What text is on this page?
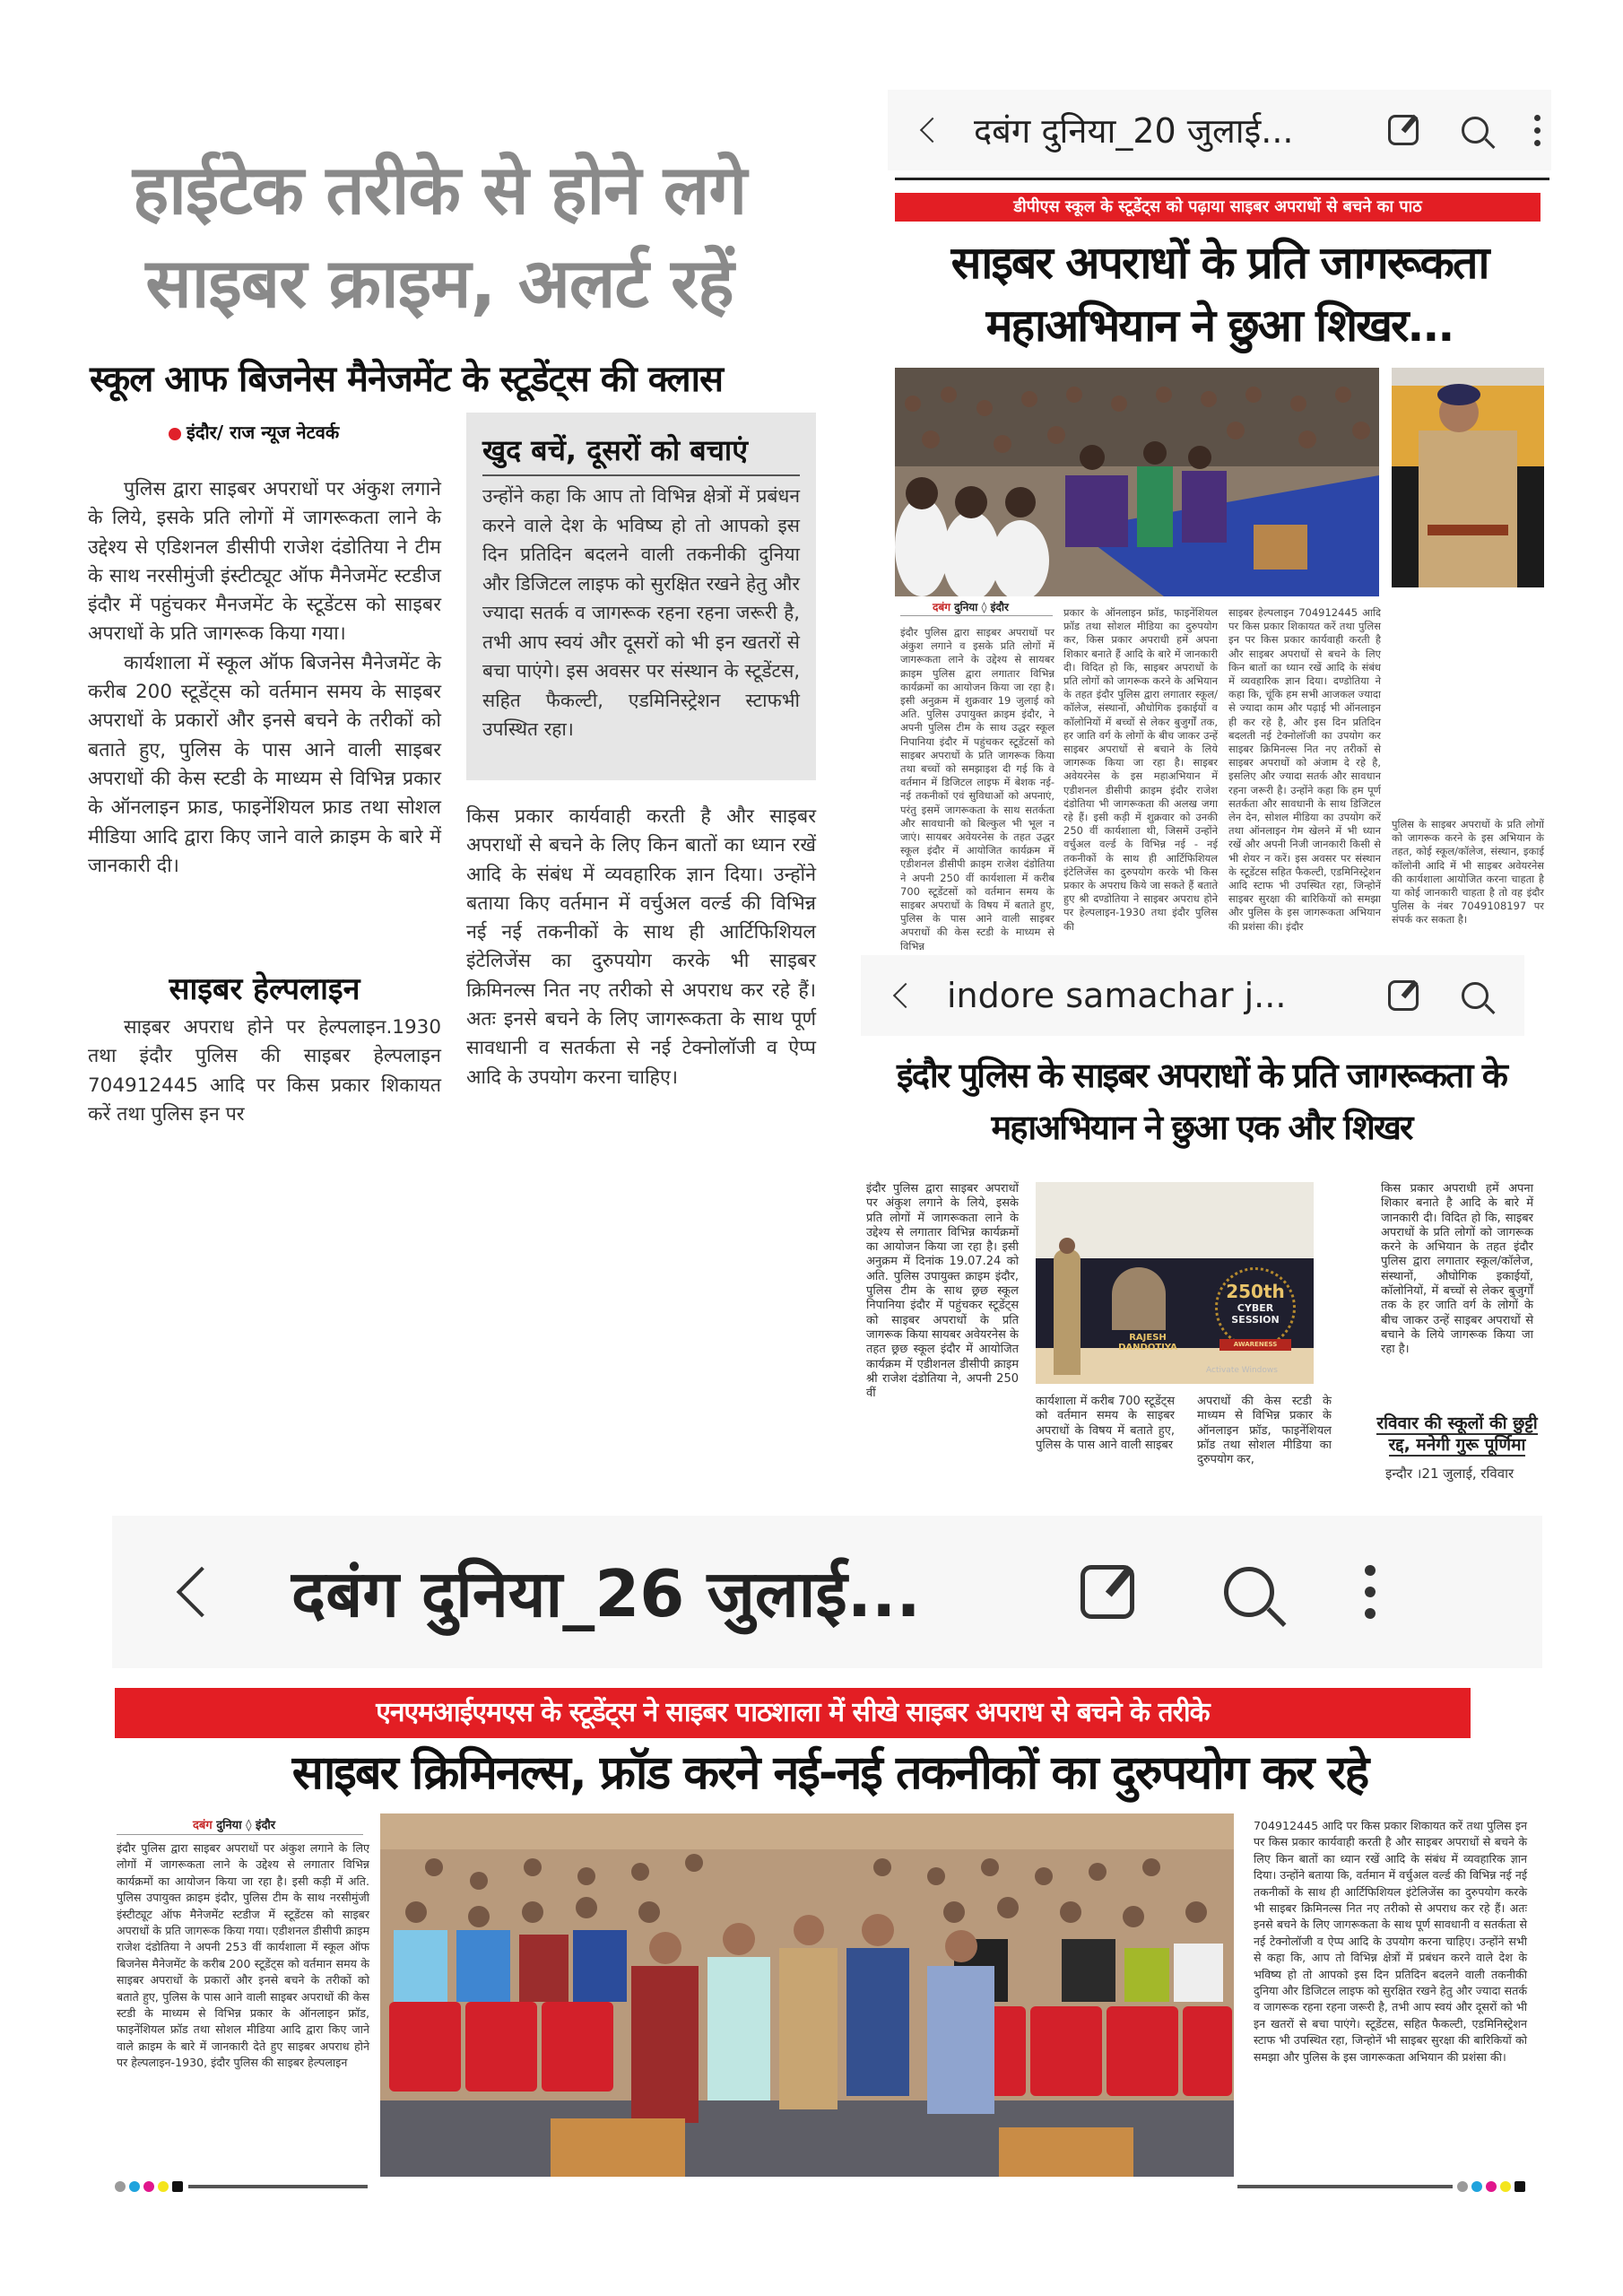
हाईटेक तरीके से होने लगे साइबर क्राइम, अलर्ट रहें
स्कूल आफ बिजनेस मैनेजमेंट के स्टूडेंट्स की क्लास
इंदौर/ राज न्यूज नेटवर्क

पुलिस द्वारा साइबर अपराधों पर अंकुश लगाने के लिये, इसके प्रति लोगों में जागरूकता लाने के उद्देश्य से एडिशनल डीसीपी राजेश दंडोतिया ने टीम के साथ नरसीमुंजी इंस्टीट्यूट ऑफ मैनेजमेंट स्टडीज इंदौर में पहुंचकर मैनजमेंट के स्टूडेंटस को साइबर अपराधों के प्रति जागरूक किया गया।

कार्यशाला में स्कूल ऑफ बिजनेस मैनेजमेंट के करीब 200 स्टूडेंट्स को वर्तमान समय के साइबर अपराधों के प्रकारों और इनसे बचने के तरीकों को बताते हुए, पुलिस के पास आने वाली साइबर अपराधों की केस स्टडी के माध्यम से विभिन्न प्रकार के ऑनलाइन फ्राड, फाइनेंशियल फ्राड तथा सोशल मीडिया आदि द्वारा किए जाने वाले क्राइम के बारे में जानकारी दी।

साइबर हेल्पलाइन

साइबर अपराध होने पर हेल्पलाइन.1930 तथा इंदौर पुलिस की साइबर हेल्पलाइन 704912445 आदि पर किस प्रकार शिकायत करें तथा पुलिस इन पर

खुद बचें, दूसरों को बचाएं
उन्होंने कहा कि आप तो विभिन्न क्षेत्रों में प्रबंधन करने वाले देश के भविष्य हो तो आपको इस दिन प्रतिदिन बदलने वाली तकनीकी दुनिया और डिजिटल लाइफ को सुरक्षित रखने हेतु और ज्यादा सतर्क व जागरूक रहना रहना जरूरी है, तभी आप स्वयं और दूसरों को भी इन खतरों से बचा पाएंगे। इस अवसर पर संस्थान के स्टूडेंटस, सहित फैकल्टी, एडमिनिस्ट्रेशन स्टाफभी उपस्थित रहा।

किस प्रकार कार्यवाही करती है और साइबर अपराधों से बचने के लिए किन बातों का ध्यान रखें आदि के संबंध में व्यवहारिक ज्ञान दिया। उन्होंने बताया किए वर्तमान में वर्चुअल वर्ल्ड की विभिन्न नई नई तकनीकों के साथ ही आर्टिफिशियल इंटेलिजेंस का दुरुपयोग करके भी साइबर क्रिमिनल्स नित नए तरीको से अपराध कर रहे हैं। अतः इनसे बचने के लिए जागरूकता के साथ पूर्ण सावधानी व सतर्कता से नई टेक्नोलॉजी व ऐप्प आदि के उपयोग करना चाहिए।

दबंग दुनिया_20 जुलाई...
डीपीएस स्कूल के स्टूडेंट्स को पढ़ाया साइबर अपराधों से बचने का पाठ
साइबर अपराधों के प्रति जागरूकता महाअभियान ने छुआ शिखर...
दबंग दुनिया ◊ इंदौर
इंदौर पुलिस द्वारा साइबर अपराधों पर अंकुश लगाने व इसके प्रति लोगों में जागरूकता लाने के उद्देश्य से सायबर क्राइम पुलिस द्वारा लगातार विभिन्न कार्यक्रमों का आयोजन किया जा रहा है। इसी अनुक्रम में शुक्रवार 19 जुलाई को अति. पुलिस उपायुक्त क्राइम इंदौर, ने अपनी पुलिस टीम के साथ उद्धर स्कूल निपानिया इंदौर में पहुंचकर स्टूडेंटसों को साइबर अपराधों के प्रति जागरूक किया तथा बच्चों को समझाइश दी गई कि वे वर्तमान में डिजिटल लाइफ में बेशक नई-नई तकनीकों एवं सुविधाओं को अपनाएं, परंतु इसमें जागरूकता के साथ सतर्कता और सावधानी को बिल्कुल भी भूल न जाएं। सायबर अवेयरनेस के तहत उद्धर स्कूल इंदौर में आयोजित कार्यक्रम में एडीशनल डीसीपी क्राइम राजेश दंडोतिया ने अपनी 250 वीं कार्यशाला में करीब 700 स्टूडेंटसों को वर्तमान समय के साइबर अपराधों के विषय में बताते हुए, पुलिस के पास आने वाली साइबर अपराधों की केस स्टडी के माध्यम से विभिन्न
प्रकार के ऑनलाइन फ्रॉड, फाइनेंशियल फ्रॉड तथा सोशल मीडिया का दुरुपयोग कर, किस प्रकार अपराधी हमें अपना शिकार बनाते हैं आदि के बारे में जानकारी दी। विदित हो कि, साइबर अपराधों के प्रति लोगों को जागरूक करने के अभियान के तहत इंदौर पुलिस द्वारा लगातार स्कूल/कॉलेज, संस्थानों, औधोगिक इकाईयों व कॉलोनियों में बच्चों से लेकर बुजुर्गों तक, हर जाति वर्ग के लोगों के बीच जाकर उन्हें साइबर अपराधों से बचाने के लिये जागरूक किया जा रहा है। साइबर अवेयरनेस के इस महाअभियान में एडीशनल डीसीपी क्राइम इंदौर राजेश दंडोतिया भी जागरूकता की अलख जगा रहे हैं। इसी कड़ी में शुक्रवार को उनकी 250 वीं कार्यशाला थी, जिसमें उन्होंने वर्चुअल वर्ल्ड के विभिन्न नई - नई तकनीकों के साथ ही आर्टिफिशियल इंटेलिजेंस का दुरुपयोग करके भी किस प्रकार के अपराध किये जा सकते हैं बताते हुए श्री दण्डोतिया ने साइबर अपराध होने पर हेल्पलाइन-1930 तथा इंदौर पुलिस की
साइबर हेल्पलाइन 704912445 आदि पर किस प्रकार शिकायत करें तथा पुलिस इन पर किस प्रकार कार्यवाही करती है और साइबर अपराधों से बचने के लिए किन बातों का ध्यान रखें आदि के संबंध में व्यवहारिक ज्ञान दिया। दण्डोतिया ने कहा कि, चूंकि हम सभी आजकल ज्यादा से ज्यादा काम और पढ़ाई भी ऑनलाइन ही कर रहे है, और इस दिन प्रतिदिन बदलती नई टेक्नोलॉजी का उपयोग कर साइबर क्रिमिनल्स नित नए तरीकों से साइबर अपराधों को अंजाम दे रहे है, इसलिए और ज्यादा सतर्क और सावधान रहना जरूरी है। उन्होंने कहा कि हम पूर्ण सतर्कता और सावधानी के साथ डिजिटल लेन देन, सोशल मीडिया का उपयोग करें तथा ऑनलाइन गेम खेलने में भी ध्यान रखें और अपनी निजी जानकारी किसी से भी शेयर न करें। इस अवसर पर संस्थान के स्टूडेंटस सहित फैकल्टी, एडमिनिस्ट्रेशन आदि स्टाफ भी उपस्थित रहा, जिन्होनें साइबर सुरक्षा की बारिकियों को समझा और पुलिस के इस जागरूकता अभियान की प्रशंसा की। इंदौर
पुलिस के साइबर अपराधों के प्रति लोगों को जागरूक करने के इस अभियान के तहत, कोई स्कूल/कॉलेज, संस्थान, इकाई कॉलोनी आदि में भी साइबर अवेयरनेस की कार्यशाला आयोजित करना चाहता है या कोई जानकारी चाहता है तो वह इंदौर पुलिस के नंबर 7049108197 पर संपर्क कर सकता है।
indore samachar j...
इंदौर पुलिस के साइबर अपराधों के प्रति जागरूकता के महाअभियान ने छुआ एक और शिखर
इंदौर पुलिस द्वारा साइबर अपराधों पर अंकुश लगाने के लिये, इसके प्रति लोगों में जागरूकता लाने के उद्देश्य से लगातार विभिन्न कार्यक्रमों का आयोजन किया जा रहा है। इसी अनुक्रम में दिनांक 19.07.24 को अति. पुलिस उपायुक्त क्राइम इंदौर, पुलिस टीम के साथ छ्रछ स्कूल निपानिया इंदौर में पहुंचकर स्टूडेंट्स को साइबर अपराधों के प्रति जागरूक किया सायबर अवेयरनेस के तहत छ्रछ स्कूल इंदौर में आयोजित कार्यक्रम में एडीशनल डीसीपी क्राइम श्री राजेश दंडोतिया ने, अपनी 250 वीं
RAJESH DANDOTIYA
250th
CYBER
SESSION
AWARENESS
Activate Windows
कार्यशाला में करीब 700 स्टूडेंट्स को वर्तमान समय के साइबर अपराधों के विषय में बताते हुए, पुलिस के पास आने वाली साइबर
अपराधों की केस स्टडी के माध्यम से विभिन्न प्रकार के ऑनलाइन फ्रॉड, फाइनेंशियल फ्रॉड तथा सोशल मीडिया का दुरुपयोग कर,
किस प्रकार अपराधी हमें अपना शिकार बनाते है आदि के बारे में जानकारी दी। विदित हो कि, साइबर अपराधों के प्रति लोगों को जागरूक करने के अभियान के तहत इंदौर पुलिस द्वारा लगातार स्कूल/कॉलेज, संस्थानों, औघोगिक इकाईयों, कॉलोनियों, में बच्चों से लेकर बुजुर्गों तक के हर जाति वर्ग के लोगों के बीच जाकर उन्हें साइबर अपराधों से बचाने के लिये जागरूक किया जा रहा है।
रविवार की स्कूलों की छुट्टी रद्द, मनेगी गुरू पूर्णिमा
इन्दौर ।21 जुलाई, रविवार
दबंग दुनिया_26 जुलाई...
एनएमआईएमएस के स्टूडेंट्स ने साइबर पाठशाला में सीखे साइबर अपराध से बचने के तरीके
साइबर क्रिमिनल्स, फ्रॉड करने नई-नई तकनीकों का दुरुपयोग कर रहे
दबंग दुनिया ◊ इंदौर
इंदौर पुलिस द्वारा साइबर अपराधों पर अंकुश लगाने के लिए लोगों में जागरूकता लाने के उद्देश्य से लगातार विभिन्न कार्यक्रमों का आयोजन किया जा रहा है। इसी कड़ी में अति. पुलिस उपायुक्त क्राइम इंदौर, पुलिस टीम के साथ नरसीमुंजी इंस्टीट्यूट ऑफ मैनेजमेंट स्टडीज में स्टूडेंटस को साइबर अपराधों के प्रति जागरूक किया गया। एडीशनल डीसीपी क्राइम राजेश दंडोतिया ने अपनी 253 वीं कार्यशाला में स्कूल ऑफ बिजनेस मैनेजमेंट के करीब 200 स्टूडेंट्स को वर्तमान समय के साइबर अपराधों के प्रकारों और इनसे बचने के तरीकों को बताते हुए, पुलिस के पास आने वाली साइबर अपराधों की केस स्टडी के माध्यम से विभिन्न प्रकार के ऑनलाइन फ्रॉड, फाइनेंशियल फ्रॉड तथा सोशल मीडिया आदि द्वारा किए जाने वाले क्राइम के बारे में जानकारी देते हुए साइबर अपराध होने पर हेल्पलाइन-1930, इंदौर पुलिस की साइबर हेल्पलाइन
704912445 आदि पर किस प्रकार शिकायत करें तथा पुलिस इन पर किस प्रकार कार्यवाही करती है और साइबर अपराधों से बचने के लिए किन बातों का ध्यान रखें आदि के संबंध में व्यवहारिक ज्ञान दिया। उन्होंने बताया कि, वर्तमान में वर्चुअल वर्ल्ड की विभिन्न नई नई तकनीकों के साथ ही आर्टिफिशियल इंटेलिजेंस का दुरुपयोग करके भी साइबर क्रिमिनल्स नित नए तरीको से अपराध कर रहे हैं। अतः इनसे बचने के लिए जागरूकता के साथ पूर्ण सावधानी व सतर्कता से नई टेक्नोलॉजी व ऐप्प आदि के उपयोग करना चाहिए। उन्होंने सभी से कहा कि, आप तो विभिन्न क्षेत्रों में प्रबंधन करने वाले देश के भविष्य हो तो आपको इस दिन प्रतिदिन बदलने वाली तकनीकी दुनिया और डिजिटल लाइफ को सुरक्षित रखने हेतु और ज्यादा सतर्क व जागरूक रहना रहना जरूरी है, तभी आप स्वयं और दूसरों को भी इन खतरों से बचा पाएंगे। स्टूडेंटस, सहित फैकल्टी, एडमिनिस्ट्रेशन स्टाफ भी उपस्थित रहा, जिन्होनें भी साइबर सुरक्षा की बारिकियों को समझा और पुलिस के इस जागरूकता अभियान की प्रशंसा की।
